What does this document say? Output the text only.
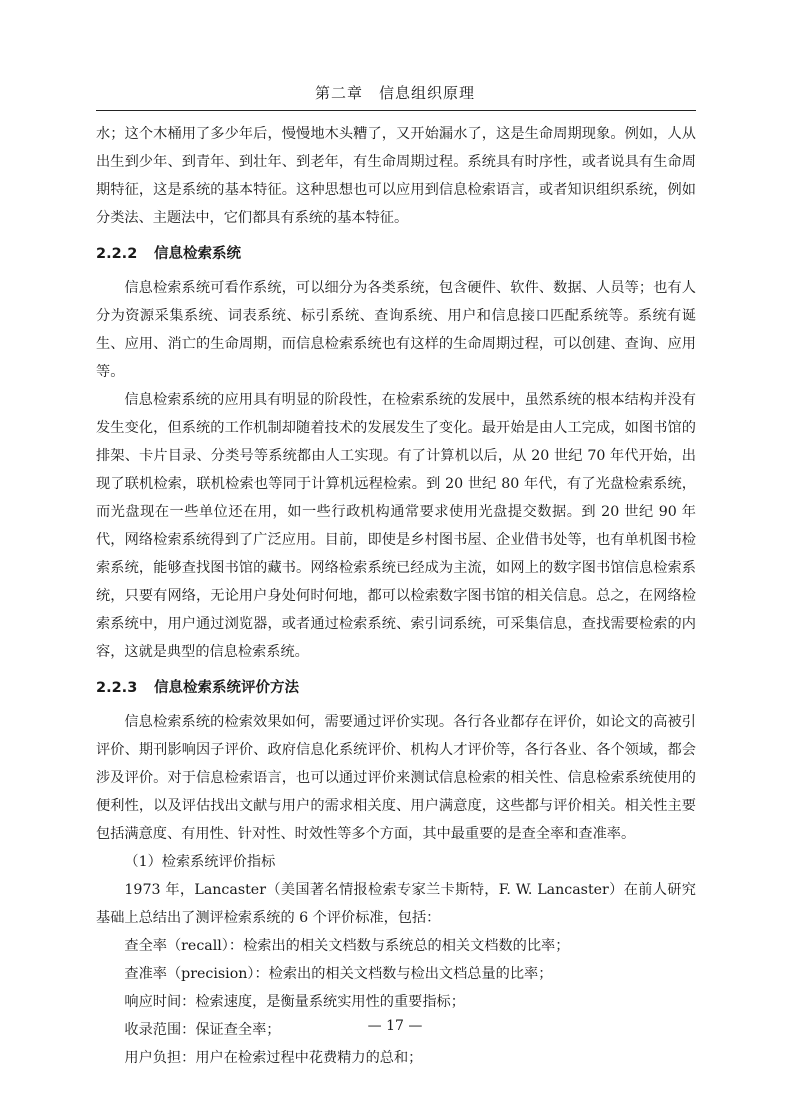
第二章　信息组织原理

水；这个木桶用了多少年后，慢慢地木头糟了，又开始漏水了，这是生命周期现象。例如，人从出生到少年、到青年、到壮年、到老年，有生命周期过程。系统具有时序性，或者说具有生命周期特征，这是系统的基本特征。这种思想也可以应用到信息检索语言，或者知识组织系统，例如分类法、主题法中，它们都具有系统的基本特征。

2.2.2 信息检索系统

信息检索系统可看作系统，可以细分为各类系统，包含硬件、软件、数据、人员等；也有人分为资源采集系统、词表系统、标引系统、查询系统、用户和信息接口匹配系统等。系统有诞生、应用、消亡的生命周期，而信息检索系统也有这样的生命周期过程，可以创建、查询、应用等。

信息检索系统的应用具有明显的阶段性，在检索系统的发展中，虽然系统的根本结构并没有发生变化，但系统的工作机制却随着技术的发展发生了变化。最开始是由人工完成，如图书馆的排架、卡片目录、分类号等系统都由人工实现。有了计算机以后，从 20 世纪 70 年代开始，出现了联机检索，联机检索也等同于计算机远程检索。到 20 世纪 80 年代，有了光盘检索系统，而光盘现在一些单位还在用，如一些行政机构通常要求使用光盘提交数据。到 20 世纪 90 年代，网络检索系统得到了广泛应用。目前，即使是乡村图书屋、企业借书处等，也有单机图书检索系统，能够查找图书馆的藏书。网络检索系统已经成为主流，如网上的数字图书馆信息检索系统，只要有网络，无论用户身处何时何地，都可以检索数字图书馆的相关信息。总之，在网络检索系统中，用户通过浏览器，或者通过检索系统、索引词系统，可采集信息，查找需要检索的内容，这就是典型的信息检索系统。

2.2.3 信息检索系统评价方法

信息检索系统的检索效果如何，需要通过评价实现。各行各业都存在评价，如论文的高被引评价、期刊影响因子评价、政府信息化系统评价、机构人才评价等，各行各业、各个领域，都会涉及评价。对于信息检索语言，也可以通过评价来测试信息检索的相关性、信息检索系统使用的便利性，以及评估找出文献与用户的需求相关度、用户满意度，这些都与评价相关。相关性主要包括满意度、有用性、针对性、时效性等多个方面，其中最重要的是查全率和查准率。

（1）检索系统评价指标

1973 年，Lancaster（美国著名情报检索专家兰卡斯特，F. W. Lancaster）在前人研究基础上总结出了测评检索系统的 6 个评价标准，包括：

查全率（recall）：检索出的相关文档数与系统总的相关文档数的比率；

查准率（precision）：检索出的相关文档数与检出文档总量的比率；

响应时间：检索速度，是衡量系统实用性的重要指标；

收录范围：保证查全率；

用户负担：用户在检索过程中花费精力的总和；

— 17 —
